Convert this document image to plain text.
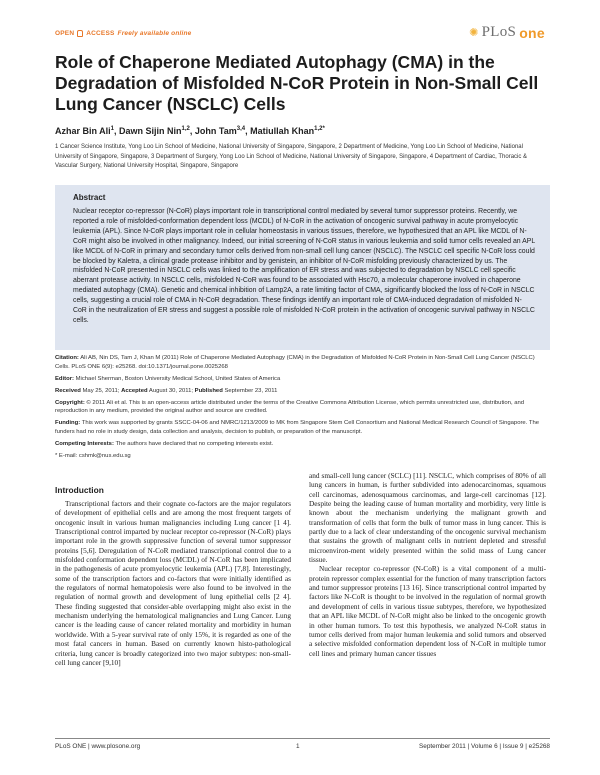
OPEN ACCESS Freely available online	✺ PLoS one
Role of Chaperone Mediated Autophagy (CMA) in the Degradation of Misfolded N-CoR Protein in Non-Small Cell Lung Cancer (NSCLC) Cells
Azhar Bin Ali$^1$, Dawn Sijin Nin$^{1,2}$, John Tam$^{3,4}$, Matiullah Khan$^{1,2*}$
1 Cancer Science Institute, Yong Loo Lin School of Medicine, National University of Singapore, Singapore, 2 Department of Medicine, Yong Loo Lin School of Medicine, National University of Singapore, Singapore, 3 Department of Surgery, Yong Loo Lin School of Medicine, National University of Singapore, Singapore, 4 Department of Cardiac, Thoracic & Vascular Surgery, National University Hospital, Singapore, Singapore
Abstract
Nuclear receptor co-repressor (N-CoR) plays important role in transcriptional control mediated by several tumor suppressor proteins. Recently, we reported a role of misfolded-conformation dependent loss (MCDL) of N-CoR in the activation of oncogenic survival pathway in acute promyelocytic leukemia (APL). Since N-CoR plays important role in cellular homeostasis in various tissues, therefore, we hypothesized that an APL like MCDL of N-CoR might also be involved in other malignancy. Indeed, our initial screening of N-CoR status in various leukemia and solid tumor cells revealed an APL like MCDL of N-CoR in primary and secondary tumor cells derived from non-small cell lung cancer (NSCLC). The NSCLC cell specific N-CoR loss could be blocked by Kaletra, a clinical grade protease inhibitor and by genistein, an inhibitor of N-CoR misfolding previously characterized by us. The misfolded N-CoR presented in NSCLC cells was linked to the amplification of ER stress and was subjected to degradation by NSCLC cell specific aberrant protease activity. In NSCLC cells, misfolded N-CoR was found to be associated with Hsc70, a molecular chaperone involved in chaperone mediated autophagy (CMA). Genetic and chemical inhibition of Lamp2A, a rate limiting factor of CMA, significantly blocked the loss of N-CoR in NSCLC cells, suggesting a crucial role of CMA in N-CoR degradation. These findings identify an important role of CMA-induced degradation of misfolded N-CoR in the neutralization of ER stress and suggest a possible role of misfolded N-CoR protein in the activation of oncogenic survival pathway in NSCLC cells.

Citation: Ali AB, Nin DS, Tam J, Khan M (2011) Role of Chaperone Mediated Autophagy (CMA) in the Degradation of Misfolded N-CoR Protein in Non-Small Cell Lung Cancer (NSCLC) Cells. PLoS ONE 6(9): e25268. doi:10.1371/journal.pone.0025268

Editor: Michael Sherman, Boston University Medical School, United States of America

Received May 25, 2011; Accepted August 30, 2011; Published September 23, 2011

Copyright: © 2011 Ali et al. This is an open-access article distributed under the terms of the Creative Commons Attribution License, which permits unrestricted use, distribution, and reproduction in any medium, provided the original author and source are credited.

Funding: This work was supported by grants SSCC-04-06 and NMRC/1213/2009 to MK from Singapore Stem Cell Consortium and National Medical Research Council of Singapore. The funders had no role in study design, data collection and analysis, decision to publish, or preparation of the manuscript.

Competing Interests: The authors have declared that no competing interests exist.

* E-mail: cshmk@nus.edu.sg

Introduction

Transcriptional factors and their cognate co-factors are the major regulators of development of epithelial cells and are among the most frequent targets of oncogenic insult in various human malignancies including Lung cancer [1 4]. Transcriptional control imparted by nuclear receptor co-repressor (N-CoR) plays important role in the growth suppressive function of several tumor suppressor proteins [5,6]. Deregulation of N-CoR mediated transcriptional control due to a misfolded conformation dependent loss (MCDL) of N-CoR has been implicated in the pathogenesis of acute promyelocytic leukemia (APL) [7,8]. Interestingly, some of the transcription factors and co-factors that were initially identified as the regulators of normal hematopoiesis were also found to be involved in the regulation of normal growth and development of lung epithelial cells [2 4]. These finding suggested that consider-able overlapping might also exist in the mechanism underlying the hematological malignancies and Lung Cancer. Lung cancer is the leading cause of cancer related mortality and morbidity in human worldwide. With a 5-year survival rate of only 15%, it is regarded as one of the most fatal cancers in human. Based on currently known histo-pathological criteria, lung cancer is broadly categorized into two major subtypes: non-small-cell lung cancer [9,10]

and small-cell lung cancer (SCLC) [11]. NSCLC, which comprises of 80% of all lung cancers in human, is further subdivided into adenocarcinomas, squamous cell carcinomas, adenosquamous carcinomas, and large-cell carcinomas [12]. Despite being the leading cause of human mortality and morbidity, very little is known about the mechanism underlying the malignant growth and transformation of cells that form the bulk of tumor mass in lung cancer. This is partly due to a lack of clear understanding of the oncogenic survival mechanism that sustains the growth of malignant cells in nutrient depleted and stressful microenviron-ment widely presented within the solid mass of Lung cancer tissue.

Nuclear receptor co-repressor (N-CoR) is a vital component of a multi-protein repressor complex essential for the function of many transcription factors and tumor suppressor proteins [13 16]. Since transcriptional control imparted by factors like N-CoR is thought to be involved in the regulation of normal growth and development of cells in various tissue subtypes, therefore, we hypothesized that an APL like MCDL of N-CoR might also be linked to the oncogenic growth in other human tumors. To test this hypothesis, we analyzed N-CoR status in tumor cells derived from major human leukemia and solid tumors and observed a selective misfolded conformation dependent loss of N-CoR in multiple tumor cell lines and primary human cancer tissues

PLoS ONE | www.plosone.org	1	September 2011 | Volume 6 | Issue 9 | e25268
